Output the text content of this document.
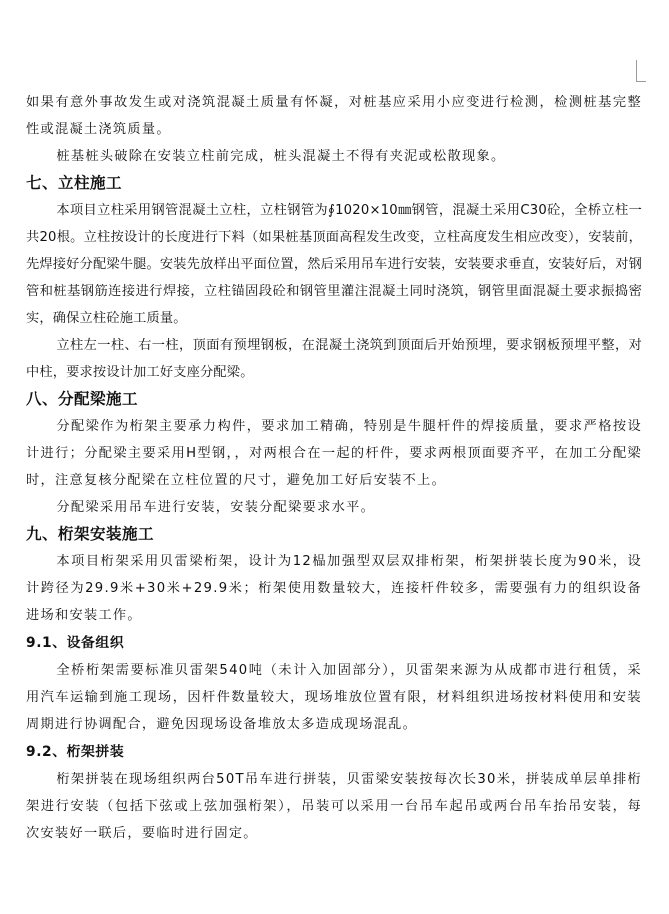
如果有意外事故发生或对浇筑混凝土质量有怀凝，对桩基应采用小应变进行检测，检测桩基完整性或混凝土浇筑质量。

桩基桩头破除在安装立柱前完成，桩头混凝土不得有夹泥或松散现象。

七、立柱施工

本项目立柱采用钢管混凝土立柱，立柱钢管为∮1020×10㎜钢管，混凝土采用C30砼，全桥立柱一共20根。立柱按设计的长度进行下料（如果桩基顶面高程发生改变，立柱高度发生相应改变），安装前，先焊接好分配梁牛腿。安装先放样出平面位置，然后采用吊车进行安装，安装要求垂直，安装好后，对钢管和桩基钢筋连接进行焊接，立柱锚固段砼和钢管里灌注混凝土同时浇筑，钢管里面混凝土要求振捣密实，确保立柱砼施工质量。

立柱左一柱、右一柱，顶面有预埋钢板，在混凝土浇筑到顶面后开始预埋，要求钢板预埋平整，对中柱，要求按设计加工好支座分配梁。

八、分配梁施工

分配梁作为桁架主要承力构件，要求加工精确，特别是牛腿杆件的焊接质量，要求严格按设计进行；分配梁主要采用H型钢，，对两根合在一起的杆件，要求两根顶面要齐平，在加工分配梁时，注意复核分配梁在立柱位置的尺寸，避免加工好后安装不上。

分配梁采用吊车进行安装，安装分配梁要求水平。

九、桁架安装施工

本项目桁架采用贝雷梁桁架，设计为12榀加强型双层双排桁架，桁架拼装长度为90米，设计跨径为29.9米+30米+29.9米；桁架使用数量较大，连接杆件较多，需要强有力的组织设备进场和安装工作。

9.1、设备组织

全桥桁架需要标准贝雷架540吨（未计入加固部分），贝雷架来源为从成都市进行租赁，采用汽车运输到施工现场，因杆件数量较大，现场堆放位置有限，材料组织进场按材料使用和安装周期进行协调配合，避免因现场设备堆放太多造成现场混乱。

9.2、桁架拼装

桁架拼装在现场组织两台50T吊车进行拼装，贝雷梁安装按每次长30米，拼装成单层单排桁架进行安装（包括下弦或上弦加强桁架），吊装可以采用一台吊车起吊或两台吊车抬吊安装，每次安装好一联后，要临时进行固定。
